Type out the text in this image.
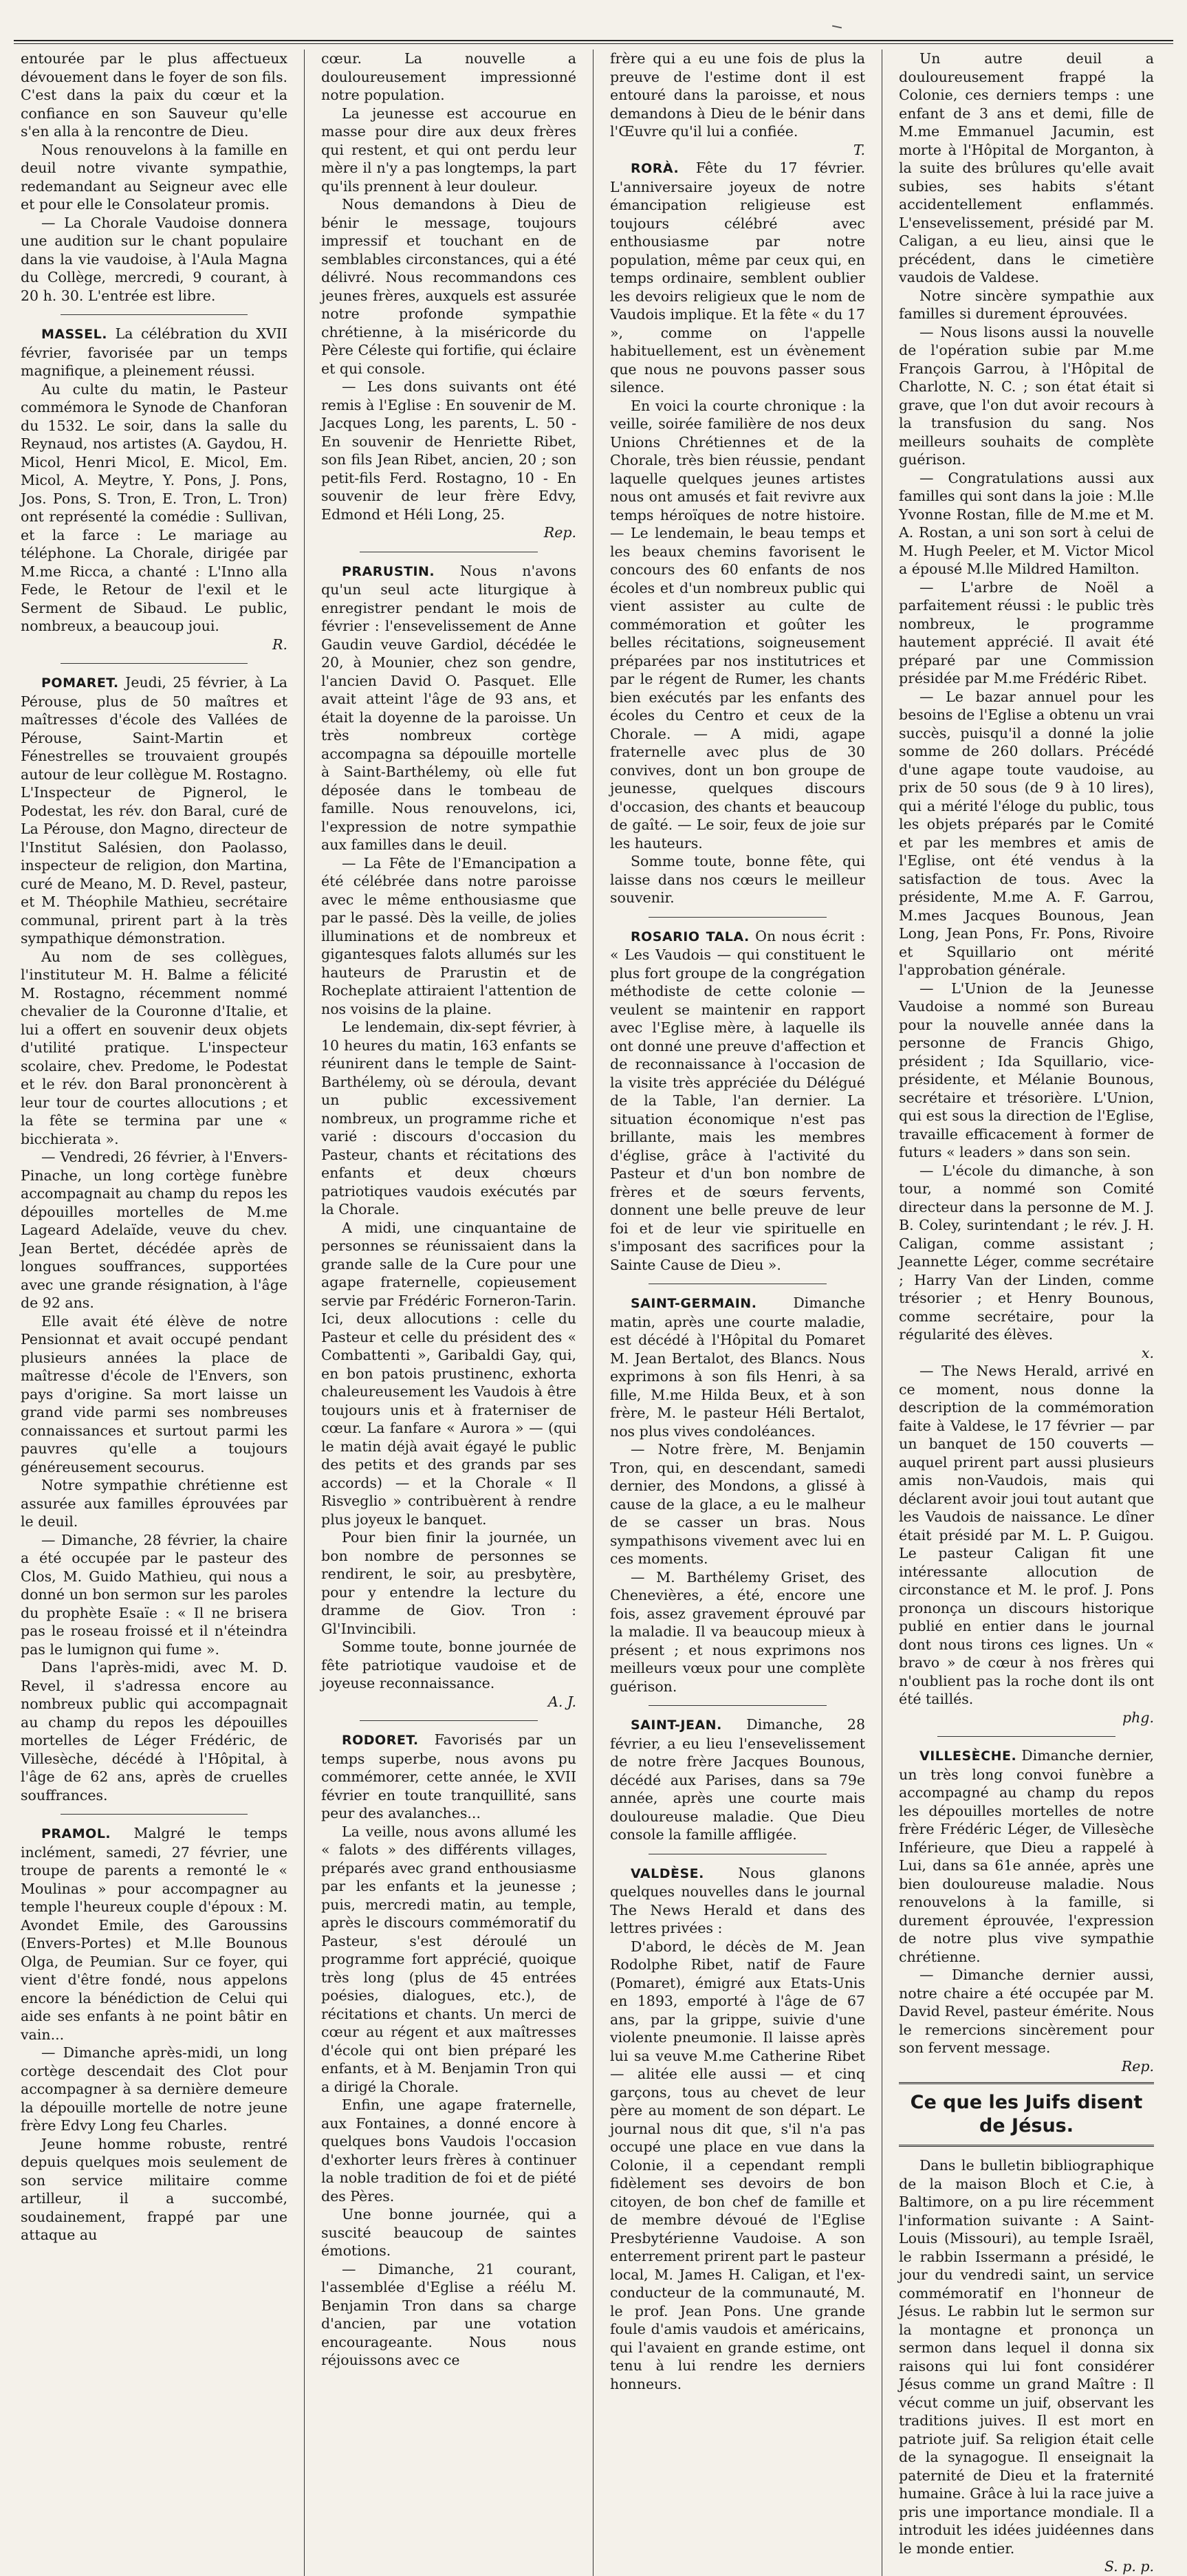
entourée par le plus affectueux dévouement dans le foyer de son fils. C'est dans la paix du cœur et la confiance en son Sauveur qu'elle s'en alla à la rencontre de Dieu.

Nous renouvelons à la famille en deuil notre vivante sympathie, redemandant au Seigneur avec elle et pour elle le Consolateur promis.

— La Chorale Vaudoise donnera une audition sur le chant populaire dans la vie vaudoise, à l'Aula Magna du Collège, mercredi, 9 courant, à 20 h. 30. L'entrée est libre.

MASSEL. La célébration du XVII février, favorisée par un temps magnifique, a pleinement réussi.

Au culte du matin, le Pasteur commémora le Synode de Chanforan du 1532. Le soir, dans la salle du Reynaud, nos artistes (A. Gaydou, H. Micol, Henri Micol, E. Micol, Em. Micol, A. Meytre, Y. Pons, J. Pons, Jos. Pons, S. Tron, E. Tron, L. Tron) ont représenté la comédie : Sullivan, et la farce : Le mariage au téléphone. La Chorale, dirigée par M.me Ricca, a chanté : L'Inno alla Fede, le Retour de l'exil et le Serment de Sibaud. Le public, nombreux, a beaucoup joui.

R.

POMARET. Jeudi, 25 février, à La Pérouse, plus de 50 maîtres et maîtresses d'école des Vallées de Pérouse, Saint-Martin et Fénestrelles se trouvaient groupés autour de leur collègue M. Rostagno. L'Inspecteur de Pignerol, le Podestat, les rév. don Baral, curé de La Pérouse, don Magno, directeur de l'Institut Salésien, don Paolasso, inspecteur de religion, don Martina, curé de Meano, M. D. Revel, pasteur, et M. Théophile Mathieu, secrétaire communal, prirent part à la très sympathique démonstration.

Au nom de ses collègues, l'instituteur M. H. Balme a félicité M. Rostagno, récemment nommé chevalier de la Couronne d'Italie, et lui a offert en souvenir deux objets d'utilité pratique. L'inspecteur scolaire, chev. Predome, le Podestat et le rév. don Baral prononcèrent à leur tour de courtes allocutions ; et la fête se termina par une « bicchierata ».

— Vendredi, 26 février, à l'Envers-Pinache, un long cortège funèbre accompagnait au champ du repos les dépouilles mortelles de M.me Lageard Adelaïde, veuve du chev. Jean Bertet, décédée après de longues souffrances, supportées avec une grande résignation, à l'âge de 92 ans.

Elle avait été élève de notre Pensionnat et avait occupé pendant plusieurs années la place de maîtresse d'école de l'Envers, son pays d'origine. Sa mort laisse un grand vide parmi ses nombreuses connaissances et surtout parmi les pauvres qu'elle a toujours généreusement secourus.

Notre sympathie chrétienne est assurée aux familles éprouvées par le deuil.

— Dimanche, 28 février, la chaire a été occupée par le pasteur des Clos, M. Guido Mathieu, qui nous a donné un bon sermon sur les paroles du prophète Esaïe : « Il ne brisera pas le roseau froissé et il n'éteindra pas le lumignon qui fume ».

Dans l'après-midi, avec M. D. Revel, il s'adressa encore au nombreux public qui accompagnait au champ du repos les dépouilles mortelles de Léger Frédéric, de Villesèche, décédé à l'Hôpital, à l'âge de 62 ans, après de cruelles souffrances.

PRAMOL. Malgré le temps inclément, samedi, 27 février, une troupe de parents a remonté le « Moulinas » pour accompagner au temple l'heureux couple d'époux : M. Avondet Emile, des Garoussins (Envers-Portes) et M.lle Bounous Olga, de Peumian. Sur ce foyer, qui vient d'être fondé, nous appelons encore la bénédiction de Celui qui aide ses enfants à ne point bâtir en vain...

— Dimanche après-midi, un long cortège descendait des Clot pour accompagner à sa dernière demeure la dépouille mortelle de notre jeune frère Edvy Long feu Charles.

Jeune homme robuste, rentré depuis quelques mois seulement de son service militaire comme artilleur, il a succombé, soudainement, frappé par une attaque au

cœur. La nouvelle a douloureusement impressionné notre population.

La jeunesse est accourue en masse pour dire aux deux frères qui restent, et qui ont perdu leur mère il n'y a pas longtemps, la part qu'ils prennent à leur douleur.

Nous demandons à Dieu de bénir le message, toujours impressif et touchant en de semblables circonstances, qui a été délivré. Nous recommandons ces jeunes frères, auxquels est assurée notre profonde sympathie chrétienne, à la miséricorde du Père Céleste qui fortifie, qui éclaire et qui console.

— Les dons suivants ont été remis à l'Eglise : En souvenir de M. Jacques Long, les parents, L. 50 - En souvenir de Henriette Ribet, son fils Jean Ribet, ancien, 20 ; son petit-fils Ferd. Rostagno, 10 - En souvenir de leur frère Edvy, Edmond et Héli Long, 25.

Rep.

PRARUSTIN. Nous n'avons qu'un seul acte liturgique à enregistrer pendant le mois de février : l'ensevelissement de Anne Gaudin veuve Gardiol, décédée le 20, à Mounier, chez son gendre, l'ancien David O. Pasquet. Elle avait atteint l'âge de 93 ans, et était la doyenne de la paroisse. Un très nombreux cortège accompagna sa dépouille mortelle à Saint-Barthélemy, où elle fut déposée dans le tombeau de famille. Nous renouvelons, ici, l'expression de notre sympathie aux familles dans le deuil.

— La Fête de l'Emancipation a été célébrée dans notre paroisse avec le même enthousiasme que par le passé. Dès la veille, de jolies illuminations et de nombreux et gigantesques falots allumés sur les hauteurs de Prarustin et de Rocheplate attiraient l'attention de nos voisins de la plaine.

Le lendemain, dix-sept février, à 10 heures du matin, 163 enfants se réunirent dans le temple de Saint-Barthélemy, où se déroula, devant un public excessivement nombreux, un programme riche et varié : discours d'occasion du Pasteur, chants et récitations des enfants et deux chœurs patriotiques vaudois exécutés par la Chorale.

A midi, une cinquantaine de personnes se réunissaient dans la grande salle de la Cure pour une agape fraternelle, copieusement servie par Frédéric Forneron-Tarin. Ici, deux allocutions : celle du Pasteur et celle du président des « Combattenti », Garibaldi Gay, qui, en bon patois prustinenc, exhorta chaleureusement les Vaudois à être toujours unis et à fraterniser de cœur. La fanfare « Aurora » — (qui le matin déjà avait égayé le public des petits et des grands par ses accords) — et la Chorale « Il Risveglio » contribuèrent à rendre plus joyeux le banquet.

Pour bien finir la journée, un bon nombre de personnes se rendirent, le soir, au presbytère, pour y entendre la lecture du dramme de Giov. Tron : Gl'Invincibili.

Somme toute, bonne journée de fête patriotique vaudoise et de joyeuse reconnaissance.

A. J.

RODORET. Favorisés par un temps superbe, nous avons pu commémorer, cette année, le XVII février en toute tranquillité, sans peur des avalanches...

La veille, nous avons allumé les « falots » des différents villages, préparés avec grand enthousiasme par les enfants et la jeunesse ; puis, mercredi matin, au temple, après le discours commémoratif du Pasteur, s'est déroulé un programme fort apprécié, quoique très long (plus de 45 entrées poésies, dialogues, etc.), de récitations et chants. Un merci de cœur au régent et aux maîtresses d'école qui ont bien préparé les enfants, et à M. Benjamin Tron qui a dirigé la Chorale.

Enfin, une agape fraternelle, aux Fontaines, a donné encore à quelques bons Vaudois l'occasion d'exhorter leurs frères à continuer la noble tradition de foi et de piété des Pères.

Une bonne journée, qui a suscité beaucoup de saintes émotions.

— Dimanche, 21 courant, l'assemblée d'Eglise a réélu M. Benjamin Tron dans sa charge d'ancien, par une votation encourageante. Nous nous réjouissons avec ce

frère qui a eu une fois de plus la preuve de l'estime dont il est entouré dans la paroisse, et nous demandons à Dieu de le bénir dans l'Œuvre qu'il lui a confiée.

T.

RORÀ. Fête du 17 février. L'anniversaire joyeux de notre émancipation religieuse est toujours célébré avec enthousiasme par notre population, même par ceux qui, en temps ordinaire, semblent oublier les devoirs religieux que le nom de Vaudois implique. Et la fête « du 17 », comme on l'appelle habituellement, est un évènement que nous ne pouvons passer sous silence.

En voici la courte chronique : la veille, soirée familière de nos deux Unions Chrétiennes et de la Chorale, très bien réussie, pendant laquelle quelques jeunes artistes nous ont amusés et fait revivre aux temps héroïques de notre histoire. — Le lendemain, le beau temps et les beaux chemins favorisent le concours des 60 enfants de nos écoles et d'un nombreux public qui vient assister au culte de commémoration et goûter les belles récitations, soigneusement préparées par nos institutrices et par le régent de Rumer, les chants bien exécutés par les enfants des écoles du Centro et ceux de la Chorale. — A midi, agape fraternelle avec plus de 30 convives, dont un bon groupe de jeunesse, quelques discours d'occasion, des chants et beaucoup de gaîté. — Le soir, feux de joie sur les hauteurs.

Somme toute, bonne fête, qui laisse dans nos cœurs le meilleur souvenir.

ROSARIO TALA. On nous écrit : « Les Vaudois — qui constituent le plus fort groupe de la congrégation méthodiste de cette colonie — veulent se maintenir en rapport avec l'Eglise mère, à laquelle ils ont donné une preuve d'affection et de reconnaissance à l'occasion de la visite très appréciée du Délégué de la Table, l'an dernier. La situation économique n'est pas brillante, mais les membres d'église, grâce à l'activité du Pasteur et d'un bon nombre de frères et de sœurs fervents, donnent une belle preuve de leur foi et de leur vie spirituelle en s'imposant des sacrifices pour la Sainte Cause de Dieu ».

SAINT-GERMAIN.	Dimanche matin, après une courte maladie, est décédé à l'Hôpital du Pomaret M. Jean Bertalot, des Blancs. Nous exprimons à son fils Henri, à sa fille, M.me Hilda Beux, et à son frère, M. le pasteur Héli Bertalot, nos plus vives condoléances.

— Notre frère, M. Benjamin Tron, qui, en descendant, samedi dernier, des Mondons, a glissé à cause de la glace, a eu le malheur de se casser un bras. Nous sympathisons vivement avec lui en ces moments.

— M. Barthélemy Griset, des Chenevières, a été, encore une fois, assez gravement éprouvé par la maladie. Il va beaucoup mieux à présent ; et nous exprimons nos meilleurs vœux pour une complète guérison.

SAINT-JEAN. Dimanche, 28 février, a eu lieu l'ensevelissement de notre frère Jacques Bounous, décédé aux Parises, dans sa 79e année, après une courte mais douloureuse maladie. Que Dieu console la famille affligée.

VALDÈSE. Nous glanons quelques nouvelles dans le journal The News Herald et dans des lettres privées :

D'abord, le décès de M. Jean Rodolphe Ribet, natif de Faure (Pomaret), émigré aux Etats-Unis en 1893, emporté à l'âge de 67 ans, par la grippe, suivie d'une violente pneumonie. Il laisse après lui sa veuve M.me Catherine Ribet — alitée elle aussi — et cinq garçons, tous au chevet de leur père au moment de son départ. Le journal nous dit que, s'il n'a pas occupé une place en vue dans la Colonie, il a cependant rempli fidèlement ses devoirs de bon citoyen, de bon chef de famille et de membre dévoué de l'Eglise Presbytérienne Vaudoise. A son enterrement prirent part le pasteur local, M. James H. Caligan, et l'ex-conducteur de la communauté, M. le prof. Jean Pons. Une grande foule d'amis vaudois et américains, qui l'avaient en grande estime, ont tenu à lui rendre les derniers honneurs.

Un autre deuil a douloureusement frappé la Colonie, ces derniers temps : une enfant de 3 ans et demi, fille de M.me Emmanuel Jacumin, est morte à l'Hôpital de Morganton, à la suite des brûlures qu'elle avait subies, ses habits s'étant accidentellement enflammés. L'ensevelissement, présidé par M. Caligan, a eu lieu, ainsi que le précédent, dans le cimetière vaudois de Valdese.

Notre sincère sympathie aux familles si durement éprouvées.

— Nous lisons aussi la nouvelle de l'opération subie par M.me François Garrou, à l'Hôpital de Charlotte, N. C. ; son état était si grave, que l'on dut avoir recours à la transfusion du sang. Nos meilleurs souhaits de complète guérison.

— Congratulations aussi aux familles qui sont dans la joie : M.lle Yvonne Rostan, fille de M.me et M. A. Rostan, a uni son sort à celui de M. Hugh Peeler, et M. Victor Micol a épousé M.lle Mildred Hamilton.

— L'arbre de Noël a parfaitement réussi : le public très nombreux, le programme hautement apprécié. Il avait été préparé par une Commission présidée par M.me Frédéric Ribet.

— Le bazar annuel pour les besoins de l'Eglise a obtenu un vrai succès, puisqu'il a donné la jolie somme de 260 dollars. Précédé d'une agape toute vaudoise, au prix de 50 sous (de 9 à 10 lires), qui a mérité l'éloge du public, tous les objets préparés par le Comité et par les membres et amis de l'Eglise, ont été vendus à la satisfaction de tous. Avec la présidente, M.me A. F. Garrou, M.mes Jacques Bounous, Jean Long, Jean Pons, Fr. Pons, Rivoire et Squillario ont mérité l'approbation générale.

— L'Union de la Jeunesse Vaudoise a nommé son Bureau pour la nouvelle année dans la personne de Francis Ghigo, président ; Ida Squillario, vice-présidente, et Mélanie Bounous, secrétaire et trésorière. L'Union, qui est sous la direction de l'Eglise, travaille efficacement à former de futurs « leaders » dans son sein.

— L'école du dimanche, à son tour, a nommé son Comité directeur dans la personne de M. J. B. Coley, surintendant ; le rév. J. H. Caligan, comme assistant ; Jeannette Léger, comme secrétaire ; Harry Van der Linden, comme trésorier ; et Henry Bounous, comme secrétaire, pour la régularité des élèves.

x.

— The News Herald, arrivé en ce moment, nous donne la description de la commémoration faite à Valdese, le 17 février — par un banquet de 150 couverts — auquel prirent part aussi plusieurs amis non-Vaudois, mais qui déclarent avoir joui tout autant que les Vaudois de naissance. Le dîner était présidé par M. L. P. Guigou. Le pasteur Caligan fit une intéressante allocution de circonstance et M. le prof. J. Pons prononça un discours historique publié en entier dans le journal dont nous tirons ces lignes. Un « bravo » de cœur à nos frères qui n'oublient pas la roche dont ils ont été taillés.

phg.

VILLESÈCHE. Dimanche dernier, un très long convoi funèbre a accompagné au champ du repos les dépouilles mortelles de notre frère Frédéric Léger, de Villesèche Inférieure, que Dieu a rappelé à Lui, dans sa 61e année, après une bien douloureuse maladie. Nous renouvelons à la famille, si durement éprouvée, l'expression de notre plus vive sympathie chrétienne.

— Dimanche dernier aussi, notre chaire a été occupée par M. David Revel, pasteur émérite. Nous le remercions sincèrement pour son fervent message.

Rep.

Ce que les Juifs disent de Jésus.

Dans le bulletin bibliographique de la maison Bloch et C.ie, à Baltimore, on a pu lire récemment l'information suivante : A Saint-Louis (Missouri), au temple Israël, le rabbin Issermann a présidé, le jour du vendredi saint, un service commémoratif en l'honneur de Jésus. Le rabbin lut le sermon sur la montagne et prononça un sermon dans lequel il donna six raisons qui lui font considérer Jésus comme un grand Maître : Il vécut comme un juif, observant les traditions juives. Il est mort en patriote juif. Sa religion était celle de la synagogue. Il enseignait la paternité de Dieu et la fraternité humaine. Grâce à lui la race juive a pris une importance mondiale. Il a introduit les idées juidéennes dans le monde entier.

S. p. p.
